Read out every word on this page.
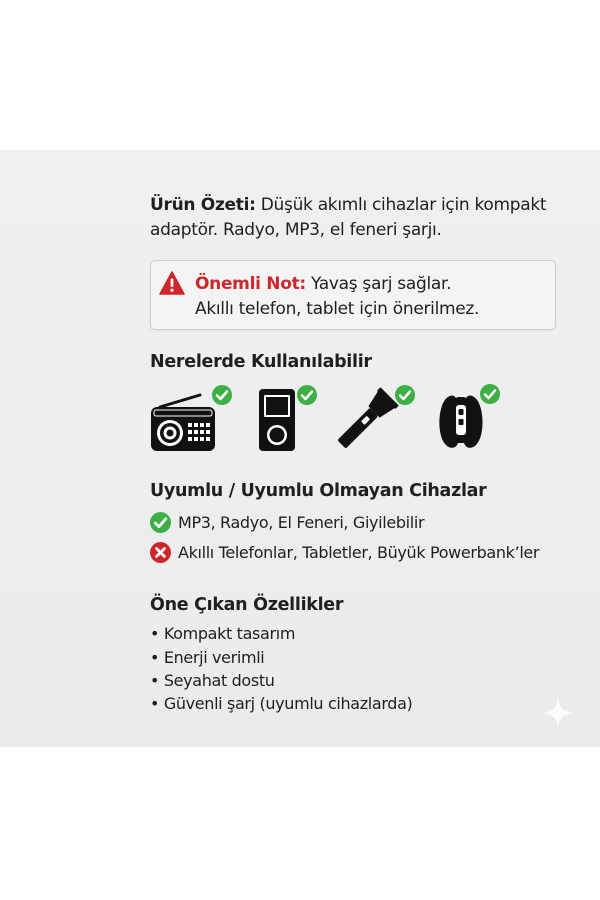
Ürün Özeti: Düşük akımlı cihazlar için kompakt
adaptör. Radyo, MP3, el feneri şarjı.
Önemli Not: Yavaş şarj sağlar.
Akıllı telefon, tablet için önerilmez.
Nerelerde Kullanılabilir
Uyumlu / Uyumlu Olmayan Cihazlar
MP3, Radyo, El Feneri, Giyilebilir
Akıllı Telefonlar, Tabletler, Büyük Powerbank’ler
Öne Çıkan Özellikler
• Kompakt tasarım
• Enerji verimli
• Seyahat dostu
• Güvenli şarj (uyumlu cihazlarda)
